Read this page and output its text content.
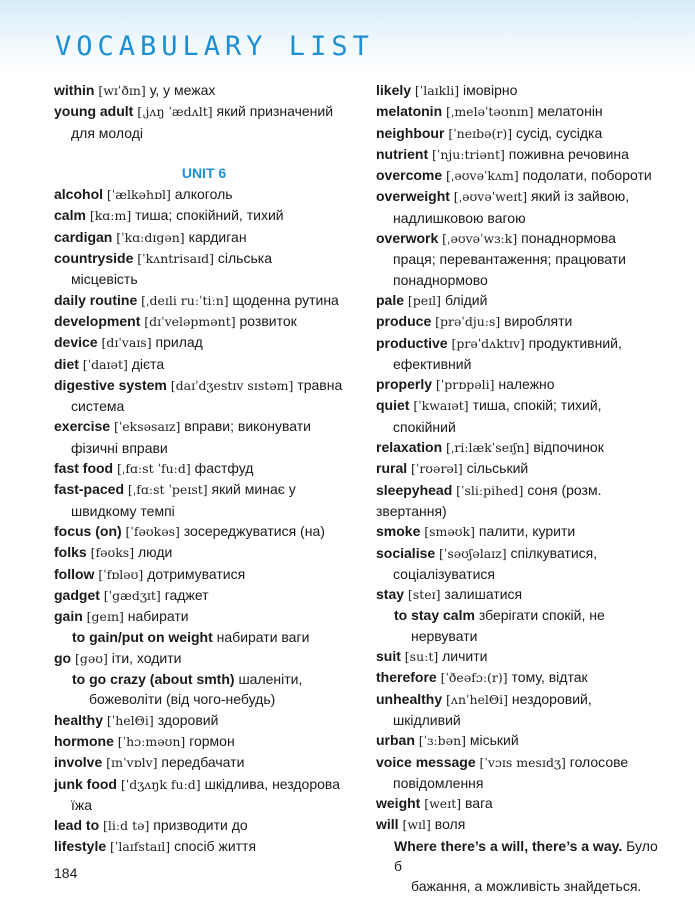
VOCABULARY LIST
within [wɪˈðɪn] у, у межах
young adult [ˌjʌŋ ˈædʌlt] який призначений
для молоді
UNIT 6
alcohol [ˈælkəhɒl] алкоголь
calm [kɑːm] тиша; спокійний, тихий
cardigan [ˈkɑːdɪgən] кардиган
countryside [ˈkʌntrisaɪd] сільська
місцевість
daily routine [ˌdeɪli ruːˈtiːn] щоденна рутина
development [dɪˈveləpmənt] розвиток
device [dɪˈvaɪs] прилад
diet [ˈdaɪət] дієта
digestive system [daɪˈdʒestɪv sɪstəm] травна
система
exercise [ˈeksəsaɪz] вправи; виконувати
фізичні вправи
fast food [ˌfɑːst ˈfuːd] фастфуд
fast-paced [ˌfɑːst ˈpeɪst] який минає у
швидкому темпі
focus (on) [ˈfəʊkəs] зосереджуватися (на)
folks [fəʊks] люди
follow [ˈfɒləʊ] дотримуватися
gadget [ˈgædʒɪt] гаджет
gain [geɪn] набирати
to gain/put on weight набирати ваги
go [gəʊ] іти, ходити
to go crazy (about smth) шаленіти,
божеволіти (від чого-небудь)
healthy [ˈhelΘi] здоровий
hormone [ˈhɔːməʊn] гормон
involve [ɪnˈvɒlv] передбачати
junk food [ˈdʒʌŋk fuːd] шкідлива, нездорова
їжа
lead to [liːd tə] призводити до
lifestyle [ˈlaɪfstaɪl] спосіб життя
likely [ˈlaɪkli] імовірно
melatonin [ˌmeləˈtəʊnɪn] мелатонін
neighbour [ˈneɪbə(r)] сусід, сусідка
nutrient [ˈnjuːtriənt] поживна речовина
overcome [ˌəʊvəˈkʌm] подолати, побороти
overweight [ˌəʊvəˈweɪt] який із зайвою,
надлишковою вагою
overwork [ˌəʊvəˈwɜːk] понаднормова
праця; перевантаження; працювати
понаднормово
pale [peɪl] блідий
produce [prəˈdjuːs] виробляти
productive [prəˈdʌktɪv] продуктивний,
ефективний
properly [ˈprɒpəli] належно
quiet [ˈkwaɪət] тиша, спокій; тихий,
спокійний
relaxation [ˌriːlækˈseɪʃn] відпочинок
rural [ˈrʊərəl] сільський
sleepyhead [ˈsliːpihed] соня (розм. звертання)
smoke [sməʊk] палити, курити
socialise [ˈsəʊʃəlaɪz] спілкуватися,
соціалізуватися
stay [steɪ] залишатися
to stay calm зберігати спокій, не
нервувати
suit [suːt] личити
therefore [ˈðeəfɔː(r)] тому, відтак
unhealthy [ʌnˈhelΘi] нездоровий,
шкідливий
urban [ˈɜːbən] міський
voice message [ˈvɔɪs mesɪdʒ] голосове
повідомлення
weight [weɪt] вага
will [wɪl] воля
Where there’s a will, there’s a way. Було б
бажання, а можливість знайдеться.
184
